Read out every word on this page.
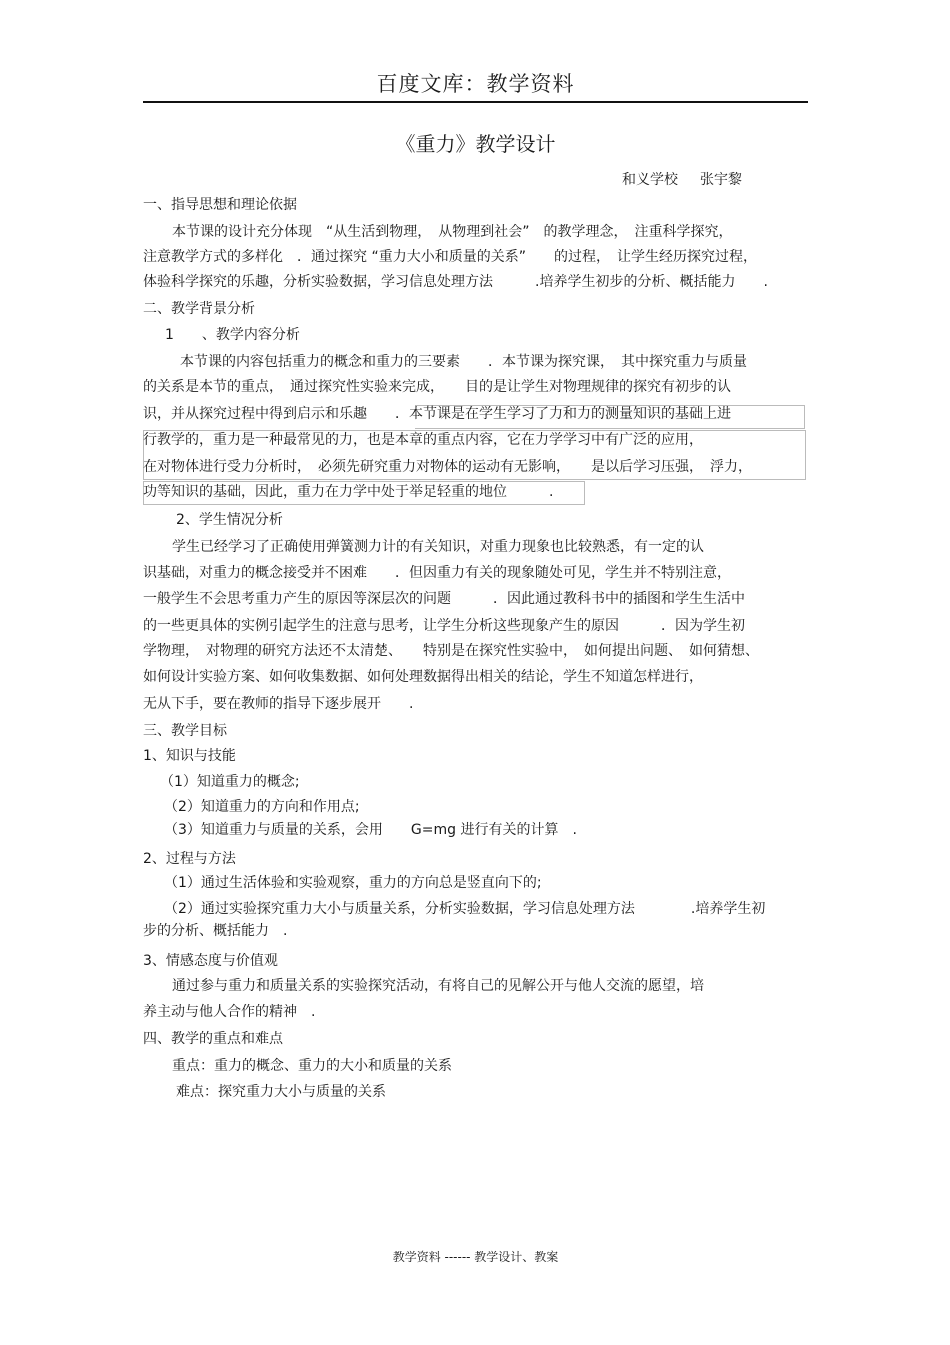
百度文库：教学资料
《重力》教学设计
和义学校 张宇黎
一、指导思想和理论依据
本节课的设计充分体现　“从生活到物理，　从物理到社会”　的教学理念，　注重科学探究，
注意教学方式的多样化　．通过探究 “重力大小和质量的关系”　　的过程，　让学生经历探究过程，
体验科学探究的乐趣，分析实验数据，学习信息处理方法　　　.培养学生初步的分析、概括能力　　.
二、教学背景分析
1　　、教学内容分析
本节课的内容包括重力的概念和重力的三要素　　．本节课为探究课，　其中探究重力与质量
的关系是本节的重点，　通过探究性实验来完成，　　目的是让学生对物理规律的探究有初步的认
识，并从探究过程中得到启示和乐趣　　．本节课是在学生学习了力和力的测量知识的基础上进
行教学的，重力是一种最常见的力，也是本章的重点内容，它在力学学习中有广泛的应用，
在对物体进行受力分析时，　必须先研究重力对物体的运动有无影响，　　是以后学习压强，　浮力，
功等知识的基础，因此，重力在力学中处于举足轻重的地位　　　.
2、学生情况分析
学生已经学习了正确使用弹簧测力计的有关知识，对重力现象也比较熟悉，有一定的认
识基础，对重力的概念接受并不困难　　．但因重力有关的现象随处可见，学生并不特别注意，
一般学生不会思考重力产生的原因等深层次的问题　　　．因此通过教科书中的插图和学生生活中
的一些更具体的实例引起学生的注意与思考，让学生分析这些现象产生的原因　　　．因为学生初
学物理，　对物理的研究方法还不太清楚、　　特别是在探究性实验中，　如何提出问题、　如何猜想、
如何设计实验方案、如何收集数据、如何处理数据得出相关的结论，学生不知道怎样进行，
无从下手，要在教师的指导下逐步展开　　.
三、教学目标
1、知识与技能
（1）知道重力的概念;
（2）知道重力的方向和作用点;
（3）知道重力与质量的关系，会用　　G=mg 进行有关的计算　.
2、过程与方法
（1）通过生活体验和实验观察，重力的方向总是竖直向下的;
（2）通过实验探究重力大小与质量关系，分析实验数据，学习信息处理方法　　　　.培养学生初
步的分析、概括能力　.
3、情感态度与价值观
通过参与重力和质量关系的实验探究活动，有将自己的见解公开与他人交流的愿望，培
养主动与他人合作的精神　.
四、教学的重点和难点
重点：重力的概念、重力的大小和质量的关系
难点：探究重力大小与质量的关系
教学资料 ------ 教学设计、教案
